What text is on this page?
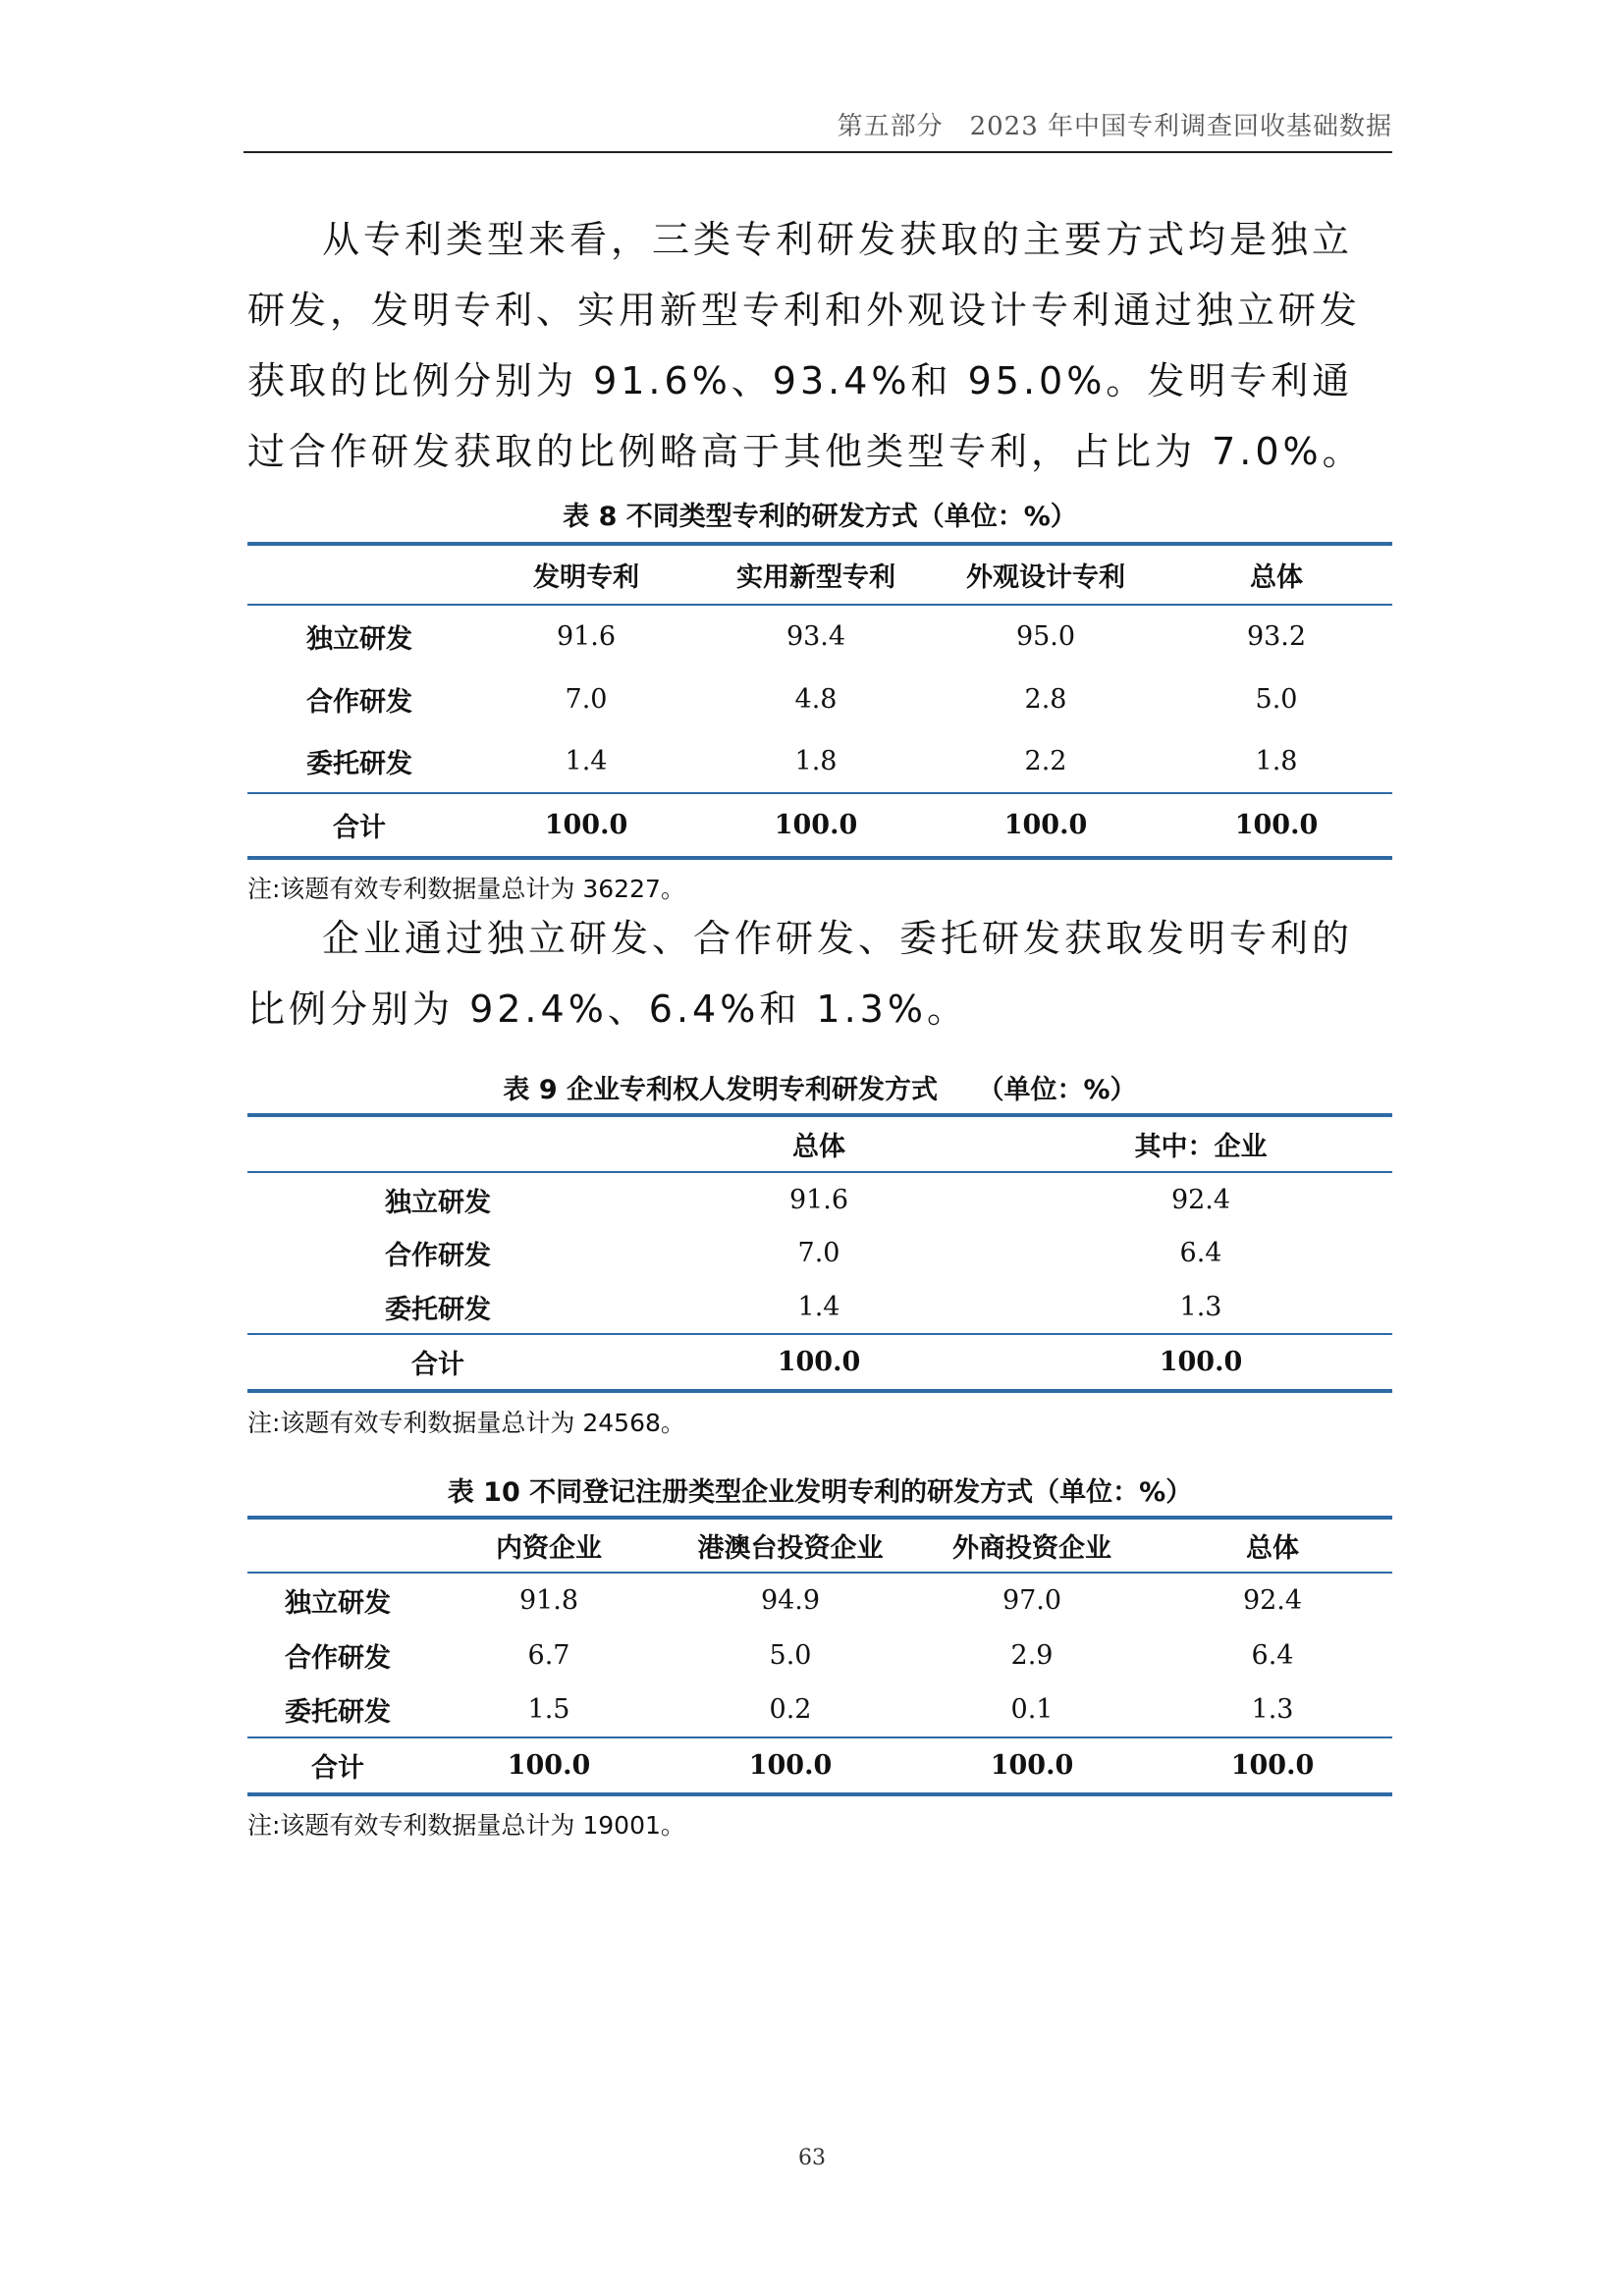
第五部分　2023 年中国专利调查回收基础数据

从专利类型来看，三类专利研发获取的主要方式均是独立研发，发明专利、实用新型专利和外观设计专利通过独立研发获取的比例分别为 91.6%、93.4%和 95.0%。发明专利通过合作研发获取的比例略高于其他类型专利，占比为 7.0%。

表 8 不同类型专利的研发方式（单位：%）
	发明专利	实用新型专利	外观设计专利	总体
独立研发	91.6	93.4	95.0	93.2
合作研发	7.0	4.8	2.8	5.0
委托研发	1.4	1.8	2.2	1.8
合计	100.0	100.0	100.0	100.0
注:该题有效专利数据量总计为 36227。

企业通过独立研发、合作研发、委托研发获取发明专利的比例分别为 92.4%、6.4%和 1.3%。

表 9 企业专利权人发明专利研发方式　　（单位：%）
	总体	其中：企业
独立研发	91.6	92.4
合作研发	7.0	6.4
委托研发	1.4	1.3
合计	100.0	100.0
注:该题有效专利数据量总计为 24568。
表 10 不同登记注册类型企业发明专利的研发方式（单位：%）
	内资企业	港澳台投资企业	外商投资企业	总体
独立研发	91.8	94.9	97.0	92.4
合作研发	6.7	5.0	2.9	6.4
委托研发	1.5	0.2	0.1	1.3
合计	100.0	100.0	100.0	100.0
注:该题有效专利数据量总计为 19001。
63
